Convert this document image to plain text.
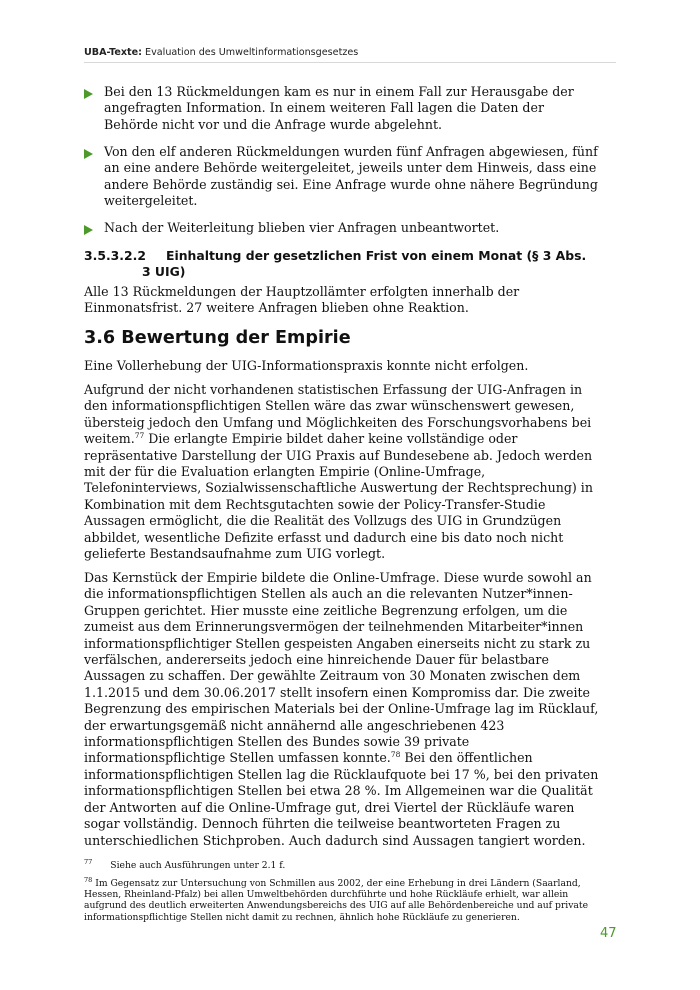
UBA-Texte: Evaluation des Umweltinformationsgesetzes
Bei den 13 Rückmeldungen kam es nur in einem Fall zur Herausgabe der
angefragten Information. In einem weiteren Fall lagen die Daten der
Behörde nicht vor und die Anfrage wurde abgelehnt.
Von den elf anderen Rückmeldungen wurden fünf Anfragen abgewiesen, fünf
an eine andere Behörde weitergeleitet, jeweils unter dem Hinweis, dass eine
andere Behörde zuständig sei. Eine Anfrage wurde ohne nähere Begründung
weitergeleitet.
Nach der Weiterleitung blieben vier Anfragen unbeantwortet.
3.5.3.2.2 Einhaltung der gesetzlichen Frist von einem Monat (§ 3 Abs.
3 UIG)
Alle 13 Rückmeldungen der Hauptzollämter erfolgten innerhalb der
Einmonatsfrist. 27 weitere Anfragen blieben ohne Reaktion.
3.6 Bewertung der Empirie
Eine Vollerhebung der UIG-Informationspraxis konnte nicht erfolgen.
Aufgrund der nicht vorhandenen statistischen Erfassung der UIG-Anfragen in
den informationspflichtigen Stellen wäre das zwar wünschenswert gewesen,
übersteig jedoch den Umfang und Möglichkeiten des Forschungsvorhabens bei
weitem.$^{77}$ Die erlangte Empirie bildet daher keine vollständige oder
repräsentative Darstellung der UIG Praxis auf Bundesebene ab. Jedoch werden
mit der für die Evaluation erlangten Empirie (Online-Umfrage,
Telefoninterviews, Sozialwissenschaftliche Auswertung der Rechtsprechung) in
Kombination mit dem Rechtsgutachten sowie der Policy-Transfer-Studie
Aussagen ermöglicht, die die Realität des Vollzugs des UIG in Grundzügen
abbildet, wesentliche Defizite erfasst und dadurch eine bis dato noch nicht
gelieferte Bestandsaufnahme zum UIG vorlegt.
Das Kernstück der Empirie bildete die Online-Umfrage. Diese wurde sowohl an
die informationspflichtigen Stellen als auch an die relevanten Nutzer*innen-
Gruppen gerichtet. Hier musste eine zeitliche Begrenzung erfolgen, um die
zumeist aus dem Erinnerungsvermögen der teilnehmenden Mitarbeiter*innen
informationspflichtiger Stellen gespeisten Angaben einerseits nicht zu stark zu
verfälschen, andererseits jedoch eine hinreichende Dauer für belastbare
Aussagen zu schaffen. Der gewählte Zeitraum von 30 Monaten zwischen dem
1.1.2015 und dem 30.06.2017 stellt insofern einen Kompromiss dar. Die zweite
Begrenzung des empirischen Materials bei der Online-Umfrage lag im Rücklauf,
der erwartungsgemäß nicht annähernd alle angeschriebenen 423
informationspflichtigen Stellen des Bundes sowie 39 private
informationspflichtige Stellen umfassen konnte.$^{78}$ Bei den öffentlichen
informationspflichtigen Stellen lag die Rücklaufquote bei 17 %, bei den privaten
informationspflichtigen Stellen bei etwa 28 %. Im Allgemeinen war die Qualität
der Antworten auf die Online-Umfrage gut, drei Viertel der Rückläufe waren
sogar vollständig. Dennoch führten die teilweise beantworteten Fragen zu
unterschiedlichen Stichproben. Auch dadurch sind Aussagen tangiert worden.
$^{77}$ Siehe auch Ausführungen unter 2.1 f.
$^{78}$ Im Gegensatz zur Untersuchung von Schmillen aus 2002, der eine Erhebung in drei Ländern (Saarland,
Hessen, Rheinland-Pfalz) bei allen Umweltbehörden durchführte und hohe Rückläufe erhielt, war allein
aufgrund des deutlich erweiterten Anwendungsbereichs des UIG auf alle Behördenbereiche und auf private
informationspflichtige Stellen nicht damit zu rechnen, ähnlich hohe Rückläufe zu generieren.
47
